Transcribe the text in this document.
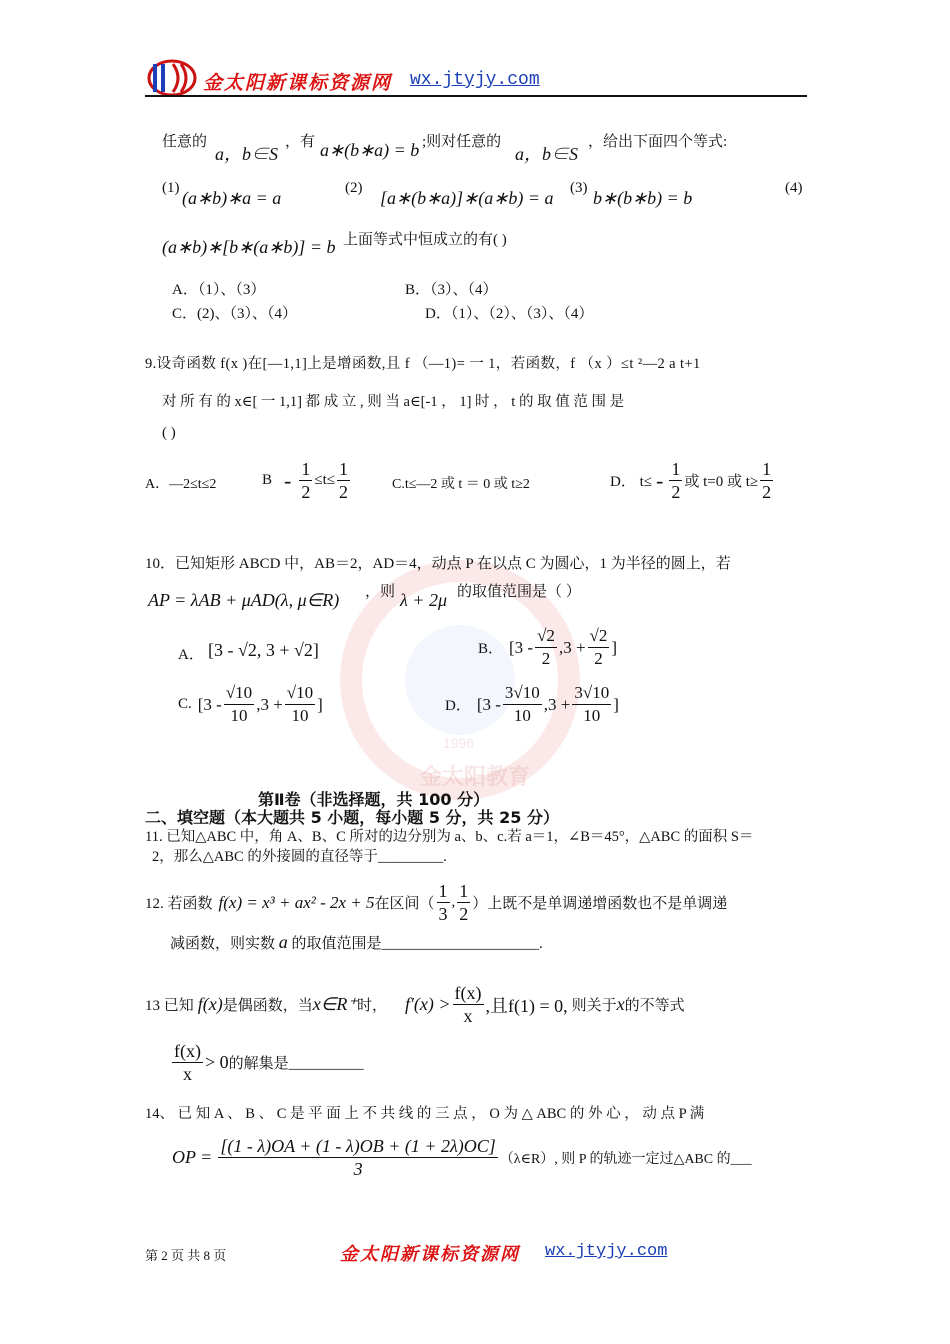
金太阳新课标资源网 wx.jtyjy.com
1996
金太阳教育
任意的
a，b∈S
，有 a∗(b∗a) = b ;则对任意的
a，b∈S
，给出下面四个等式:
(1) (a∗b)∗a = a	(2) [a∗(b∗a)]∗(a∗b) = a (3) b∗(b∗b) = b	(4)
(a∗b)∗[b∗(a∗b)] = b 上面等式中恒成立的有( )
A．（1）、（3）	B．（3）、（4）
C．(2)、（3）、（4）	D．（1）、（2）、（3）、（4）
9.设奇函数 f(x )在[—1,1]上是增函数,且 f （—1)= 一 1，若函数，f （x ）≤t ²—2 a t+1
对 所 有 的 x∈[ 一 1,1] 都 成 立 , 则 当 a∈[-1 ， 1] 时 ， t 的 取 值 范 围 是
( )
A．—2≤t≤2	$B - \frac{1}{2} \le t\le \frac{1}{2}$	C.t≤—2 或 t ＝ 0 或 t≥2	D． $t\le - \frac{1}{2}$ 或 t=0 或 $t\ge \frac{1}{2}$
10．已知矩形 ABCD 中，AB＝2，AD＝4，动点 P 在以点 C 为圆心，1 为半径的圆上，若
AP = λAB + μAD(λ, μ∈R) ，则 λ + 2μ 的取值范围是（ ）
A． [3 - √2, 3 + √2]	B． [$3 - \frac{√2}{2} ,3 + \frac{√2}{2}$ ]
C. [$3 - \frac{√10}{10} ,3 + \frac{√10}{10}$ ]	D． [$3 - \frac{3√10}{10} ,3 + \frac{3√10}{10}$ ]
第Ⅱ卷（非选择题，共 100 分）
二、填空题（本大题共 5 小题，每小题 5 分，共 25 分）
11. 已知△ABC 中，角 A、B、C 所对的边分别为 a、b、c.若 a＝1，∠B＝45°，△ABC 的面积 S＝
2，那么△ABC 的外接圆的直径等于_________.
12. 若函数 f(x) = x³ + ax² - 2x + 5 在区间（ $\frac{1}{3}$ , $\frac{1}{2}$ ）上既不是单调递增函数也不是单调递
减函数，则实数 a 的取值范围是_____________________.
13 已知 f(x) 是偶函数，当 x∈R⁺ 时， $f'(x) > \frac{f(x)}{x}$ ,且f(1) = 0, 则关于 x 的不等式
$\frac{f(x)}{x} > 0$ 的解集是__________
14、 已 知 A 、 B 、 C 是 平 面 上 不 共 线 的 三 点 ， O 为 △ ABC 的 外 心 ， 动 点 P 满
OP = $\frac{[(1 - \lambda)OA + (1 - \lambda)OB + (1 + 2\lambda)OC]}{3}$ （λ∈R）, 则 P 的轨迹一定过△ABC 的___
第 2 页 共 8 页	金太阳新课标资源网 wx.jtyjy.com
